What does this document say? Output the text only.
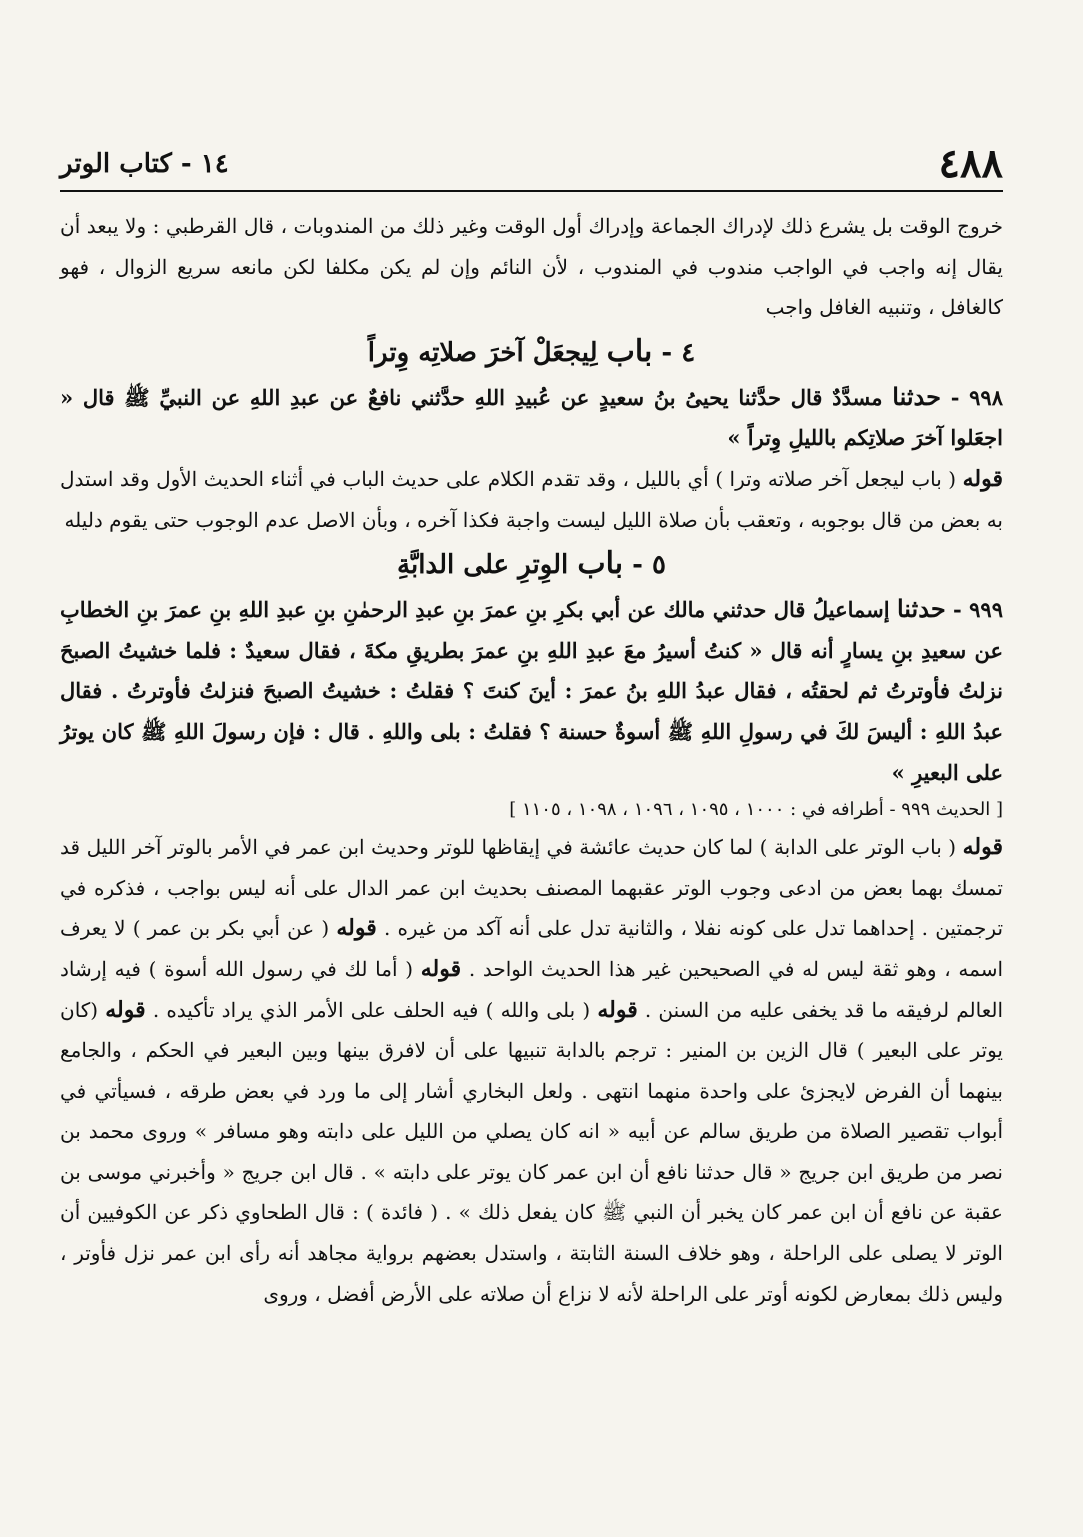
٤٨٨
١٤ - كتاب الوتر

خروج الوقت بل يشرع ذلك لإدراك الجماعة وإدراك أول الوقت وغير ذلك من المندوبات ، قال القرطبي : ولا يبعد أن يقال إنه واجب في الواجب مندوب في المندوب ، لأن النائم وإن لم يكن مكلفا لكن مانعه سريع الزوال ، فهو كالغافل ، وتنبيه الغافل واجب

٤ - باب لِيجعَلْ آخرَ صلاتِه وِتراً

٩٩٨ - حدثنا مسدَّدٌ قال حدَّثنا يحيىُ بنُ سعيدٍ عن عُبيدِ اللهِ حدَّثني نافعٌ عن عبدِ اللهِ عن النبيِّ ﷺ قال « اجعَلوا آخرَ صلاتِكم بالليلِ وِتراً »

قوله ( باب ليجعل آخر صلاته وترا ) أي بالليل ، وقد تقدم الكلام على حديث الباب في أثناء الحديث الأول وقد استدل به بعض من قال بوجوبه ، وتعقب بأن صلاة الليل ليست واجبة فكذا آخره ، وبأن الاصل عدم الوجوب حتى يقوم دليله

٥ - باب الوِترِ على الدابَّةِ

٩٩٩ - حدثنا إسماعيلُ قال حدثني مالك عن أبي بكرِ بنِ عمرَ بنِ عبدِ الرحمٰنِ بنِ عبدِ اللهِ بنِ عمرَ بنِ الخطابِ عن سعيدِ بنِ يسارٍ أنه قال « كنتُ أسيرُ معَ عبدِ اللهِ بنِ عمرَ بطريقِ مكةَ ، فقال سعيدٌ : فلما خشيتُ الصبحَ نزلتُ فأوترتُ ثم لحقتُه ، فقال عبدُ اللهِ بنُ عمرَ : أينَ كنتَ ؟ فقلتُ : خشيتُ الصبحَ فنزلتُ فأوترتُ . فقال عبدُ اللهِ : أليسَ لكَ في رسولِ اللهِ ﷺ أسوةٌ حسنة ؟ فقلتُ : بلى واللهِ . قال : فإن رسولَ اللهِ ﷺ كان يوترُ على البعيرِ »

[ الحديث ٩٩٩ - أطرافه في : ١٠٠٠ ، ١٠٩٥ ، ١٠٩٦ ، ١٠٩٨ ، ١١٠٥ ]

قوله ( باب الوتر على الدابة ) لما كان حديث عائشة في إيقاظها للوتر وحديث ابن عمر في الأمر بالوتر آخر الليل قد تمسك بهما بعض من ادعى وجوب الوتر عقبهما المصنف بحديث ابن عمر الدال على أنه ليس بواجب ، فذكره في ترجمتين . إحداهما تدل على كونه نفلا ، والثانية تدل على أنه آكد من غيره . قوله ( عن أبي بكر بن عمر ) لا يعرف اسمه ، وهو ثقة ليس له في الصحيحين غير هذا الحديث الواحد . قوله ( أما لك في رسول الله أسوة ) فيه إرشاد العالم لرفيقه ما قد يخفى عليه من السنن . قوله ( بلى والله ) فيه الحلف على الأمر الذي يراد تأكيده . قوله (كان يوتر على البعير ) قال الزين بن المنير : ترجم بالدابة تنبيها على أن لافرق بينها وبين البعير في الحكم ، والجامع بينهما أن الفرض لايجزئ على واحدة منهما انتهى . ولعل البخاري أشار إلى ما ورد في بعض طرقه ، فسيأتي في أبواب تقصير الصلاة من طريق سالم عن أبيه « انه كان يصلي من الليل على دابته وهو مسافر » وروى محمد بن نصر من طريق ابن جريج « قال حدثنا نافع أن ابن عمر كان يوتر على دابته » . قال ابن جريج « وأخبرني موسى بن عقبة عن نافع أن ابن عمر كان يخبر أن النبي ﷺ كان يفعل ذلك » . ( فائدة ) : قال الطحاوي ذكر عن الكوفيين أن الوتر لا يصلى على الراحلة ، وهو خلاف السنة الثابتة ، واستدل بعضهم برواية مجاهد أنه رأى ابن عمر نزل فأوتر ، وليس ذلك بمعارض لكونه أوتر على الراحلة لأنه لا نزاع أن صلاته على الأرض أفضل ، وروى
